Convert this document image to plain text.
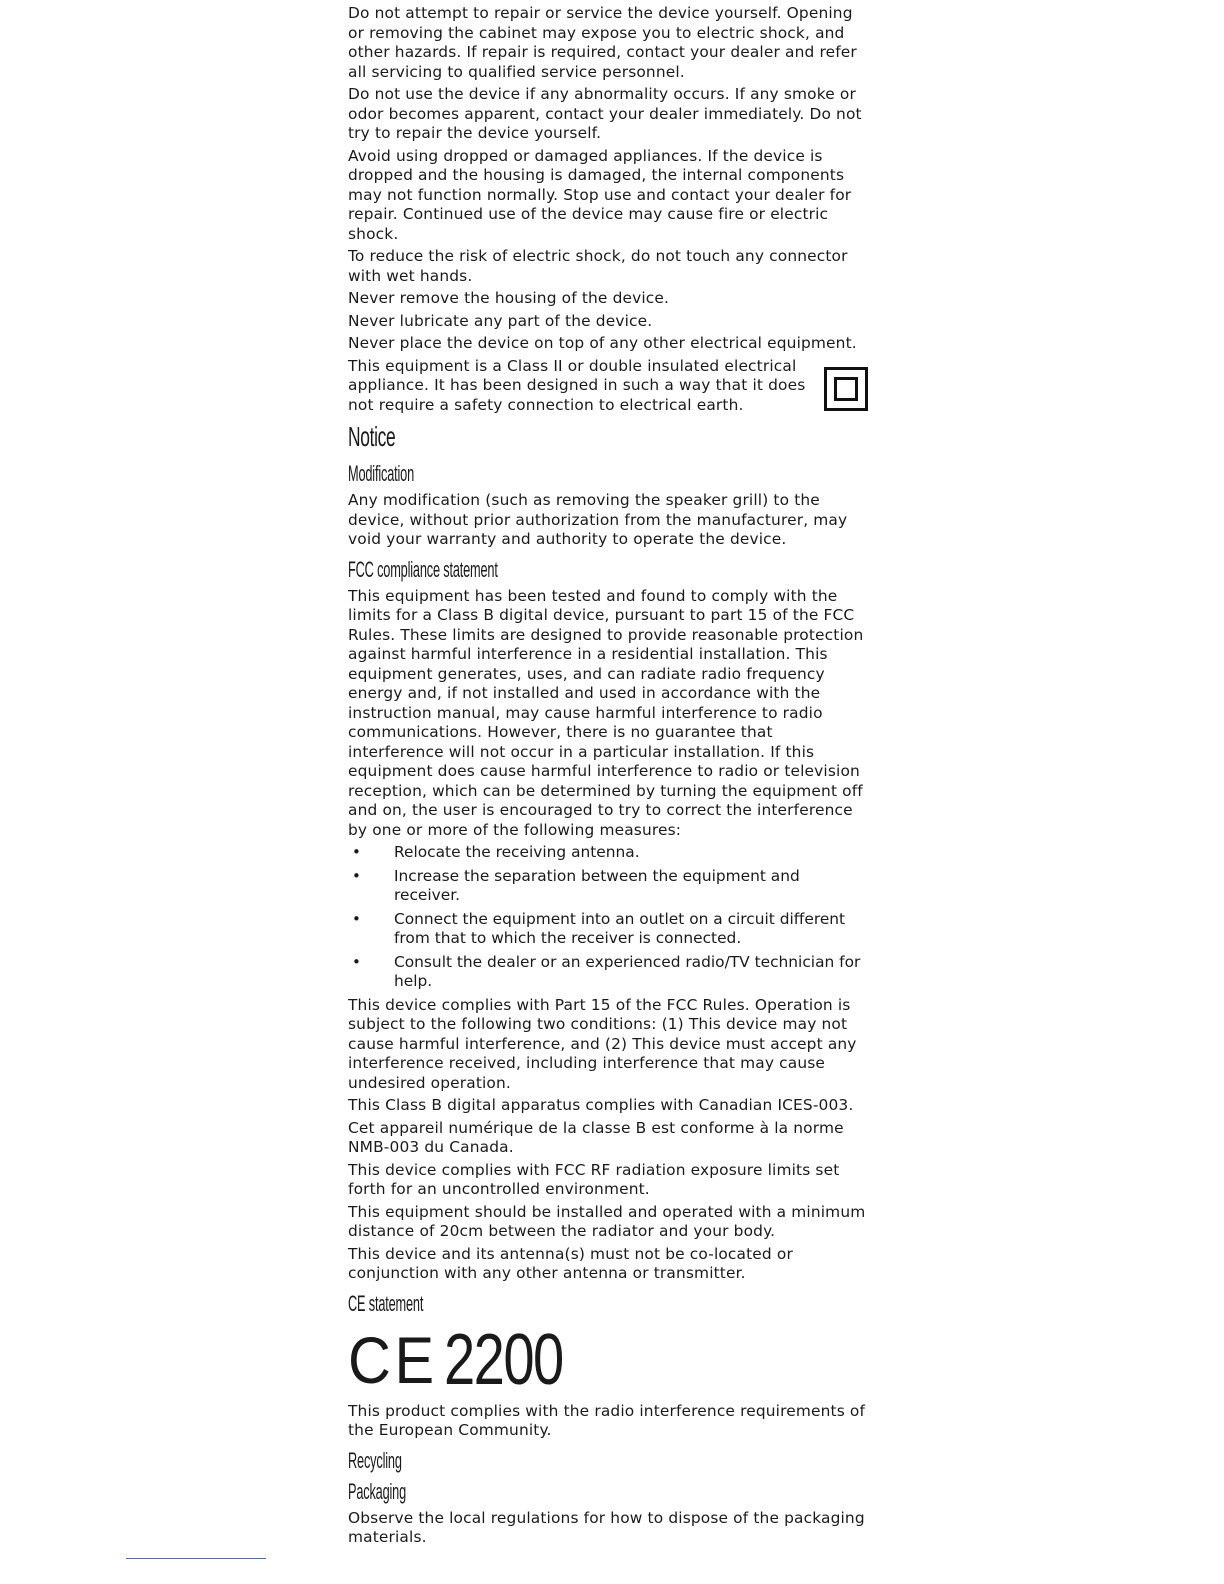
Do not attempt to repair or service the device yourself. Opening or removing the cabinet may expose you to electric shock, and other hazards. If repair is required, contact your dealer and refer all servicing to qualified service personnel.

Do not use the device if any abnormality occurs. If any smoke or odor becomes apparent, contact your dealer immediately. Do not try to repair the device yourself.

Avoid using dropped or damaged appliances. If the device is dropped and the housing is damaged, the internal components may not function normally. Stop use and contact your dealer for repair. Continued use of the device may cause fire or electric shock.

To reduce the risk of electric shock, do not touch any connector with wet hands.

Never remove the housing of the device.

Never lubricate any part of the device.

Never place the device on top of any other electrical equipment.

This equipment is a Class II or double insulated electrical appliance. It has been designed in such a way that it does not require a safety connection to electrical earth.

Notice
Modification

Any modification (such as removing the speaker grill) to the device, without prior authorization from the manufacturer, may void your warranty and authority to operate the device.

FCC compliance statement

This equipment has been tested and found to comply with the limits for a Class B digital device, pursuant to part 15 of the FCC Rules. These limits are designed to provide reasonable protection against harmful interference in a residential installation. This equipment generates, uses, and can radiate radio frequency energy and, if not installed and used in accordance with the instruction manual, may cause harmful interference to radio communications. However, there is no guarantee that interference will not occur in a particular installation. If this equipment does cause harmful interference to radio or television reception, which can be determined by turning the equipment off and on, the user is encouraged to try to correct the interference by one or more of the following measures:

• Relocate the receiving antenna.
• Increase the separation between the equipment and receiver.
• Connect the equipment into an outlet on a circuit different from that to which the receiver is connected.
• Consult the dealer or an experienced radio/TV technician for help.

This device complies with Part 15 of the FCC Rules. Operation is subject to the following two conditions: (1) This device may not cause harmful interference, and (2) This device must accept any interference received, including interference that may cause undesired operation.

This Class B digital apparatus complies with Canadian ICES-003.

Cet appareil numérique de la classe B est conforme à la norme NMB-003 du Canada.

This device complies with FCC RF radiation exposure limits set forth for an uncontrolled environment.

This equipment should be installed and operated with a minimum distance of 20cm between the radiator and your body.

This device and its antenna(s) must not be co-located or conjunction with any other antenna or transmitter.

CE statement
CE 2200

This product complies with the radio interference requirements of the European Community.

Recycling
Packaging

Observe the local regulations for how to dispose of the packaging materials.
